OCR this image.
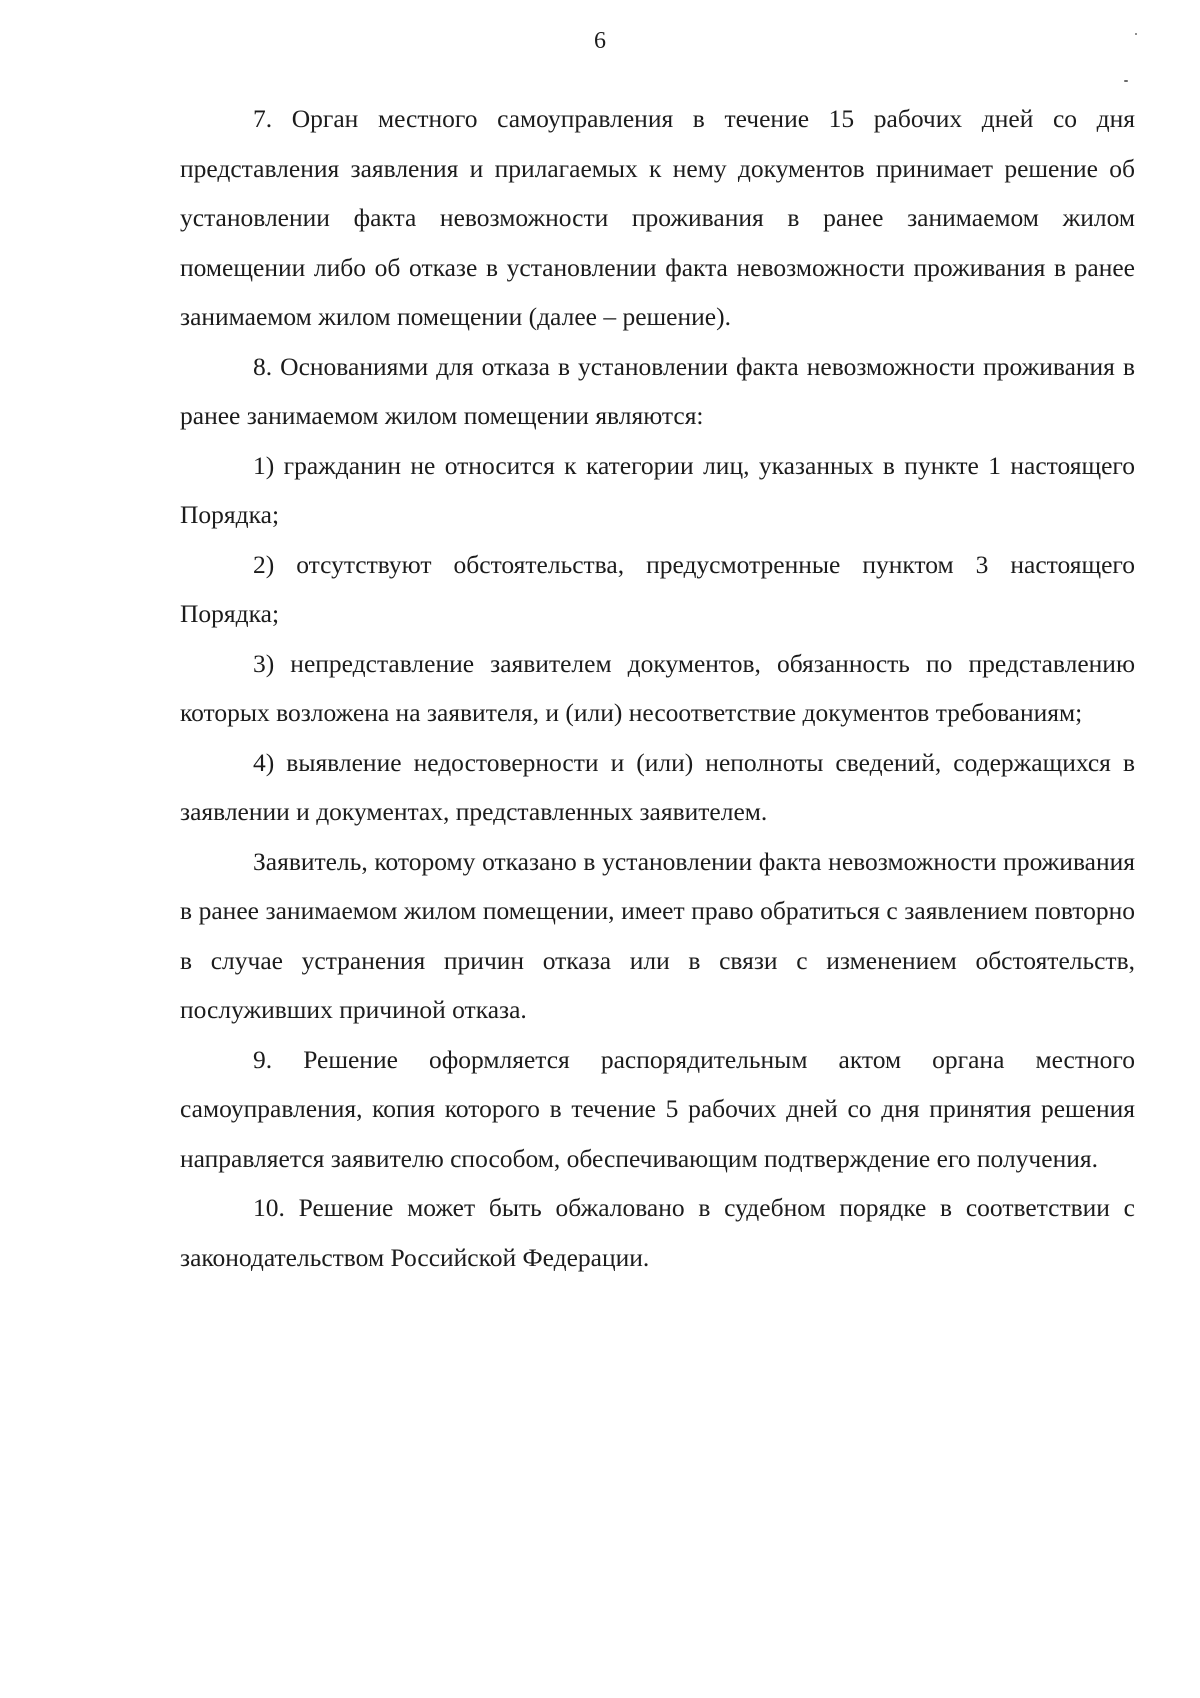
6

7. Орган местного самоуправления в течение 15 рабочих дней со дня представления заявления и прилагаемых к нему документов принимает решение об установлении факта невозможности проживания в ранее занимаемом жилом помещении либо об отказе в установлении факта невозможности проживания в ранее занимаемом жилом помещении (далее – решение).

8. Основаниями для отказа в установлении факта невозможности проживания в ранее занимаемом жилом помещении являются:

1) гражданин не относится к категории лиц, указанных в пункте 1 настоящего Порядка;

2) отсутствуют обстоятельства, предусмотренные пунктом 3 настоящего Порядка;

3) непредставление заявителем документов, обязанность по представлению которых возложена на заявителя, и (или) несоответствие документов требованиям;

4) выявление недостоверности и (или) неполноты сведений, содержащихся в заявлении и документах, представленных заявителем.

Заявитель, которому отказано в установлении факта невозможности проживания в ранее занимаемом жилом помещении, имеет право обратиться с заявлением повторно в случае устранения причин отказа или в связи с изменением обстоятельств, послуживших причиной отказа.

9. Решение оформляется распорядительным актом органа местного самоуправления, копия которого в течение 5 рабочих дней со дня принятия решения направляется заявителю способом, обеспечивающим подтверждение его получения.

10. Решение может быть обжаловано в судебном порядке в соответствии с законодательством Российской Федерации.
